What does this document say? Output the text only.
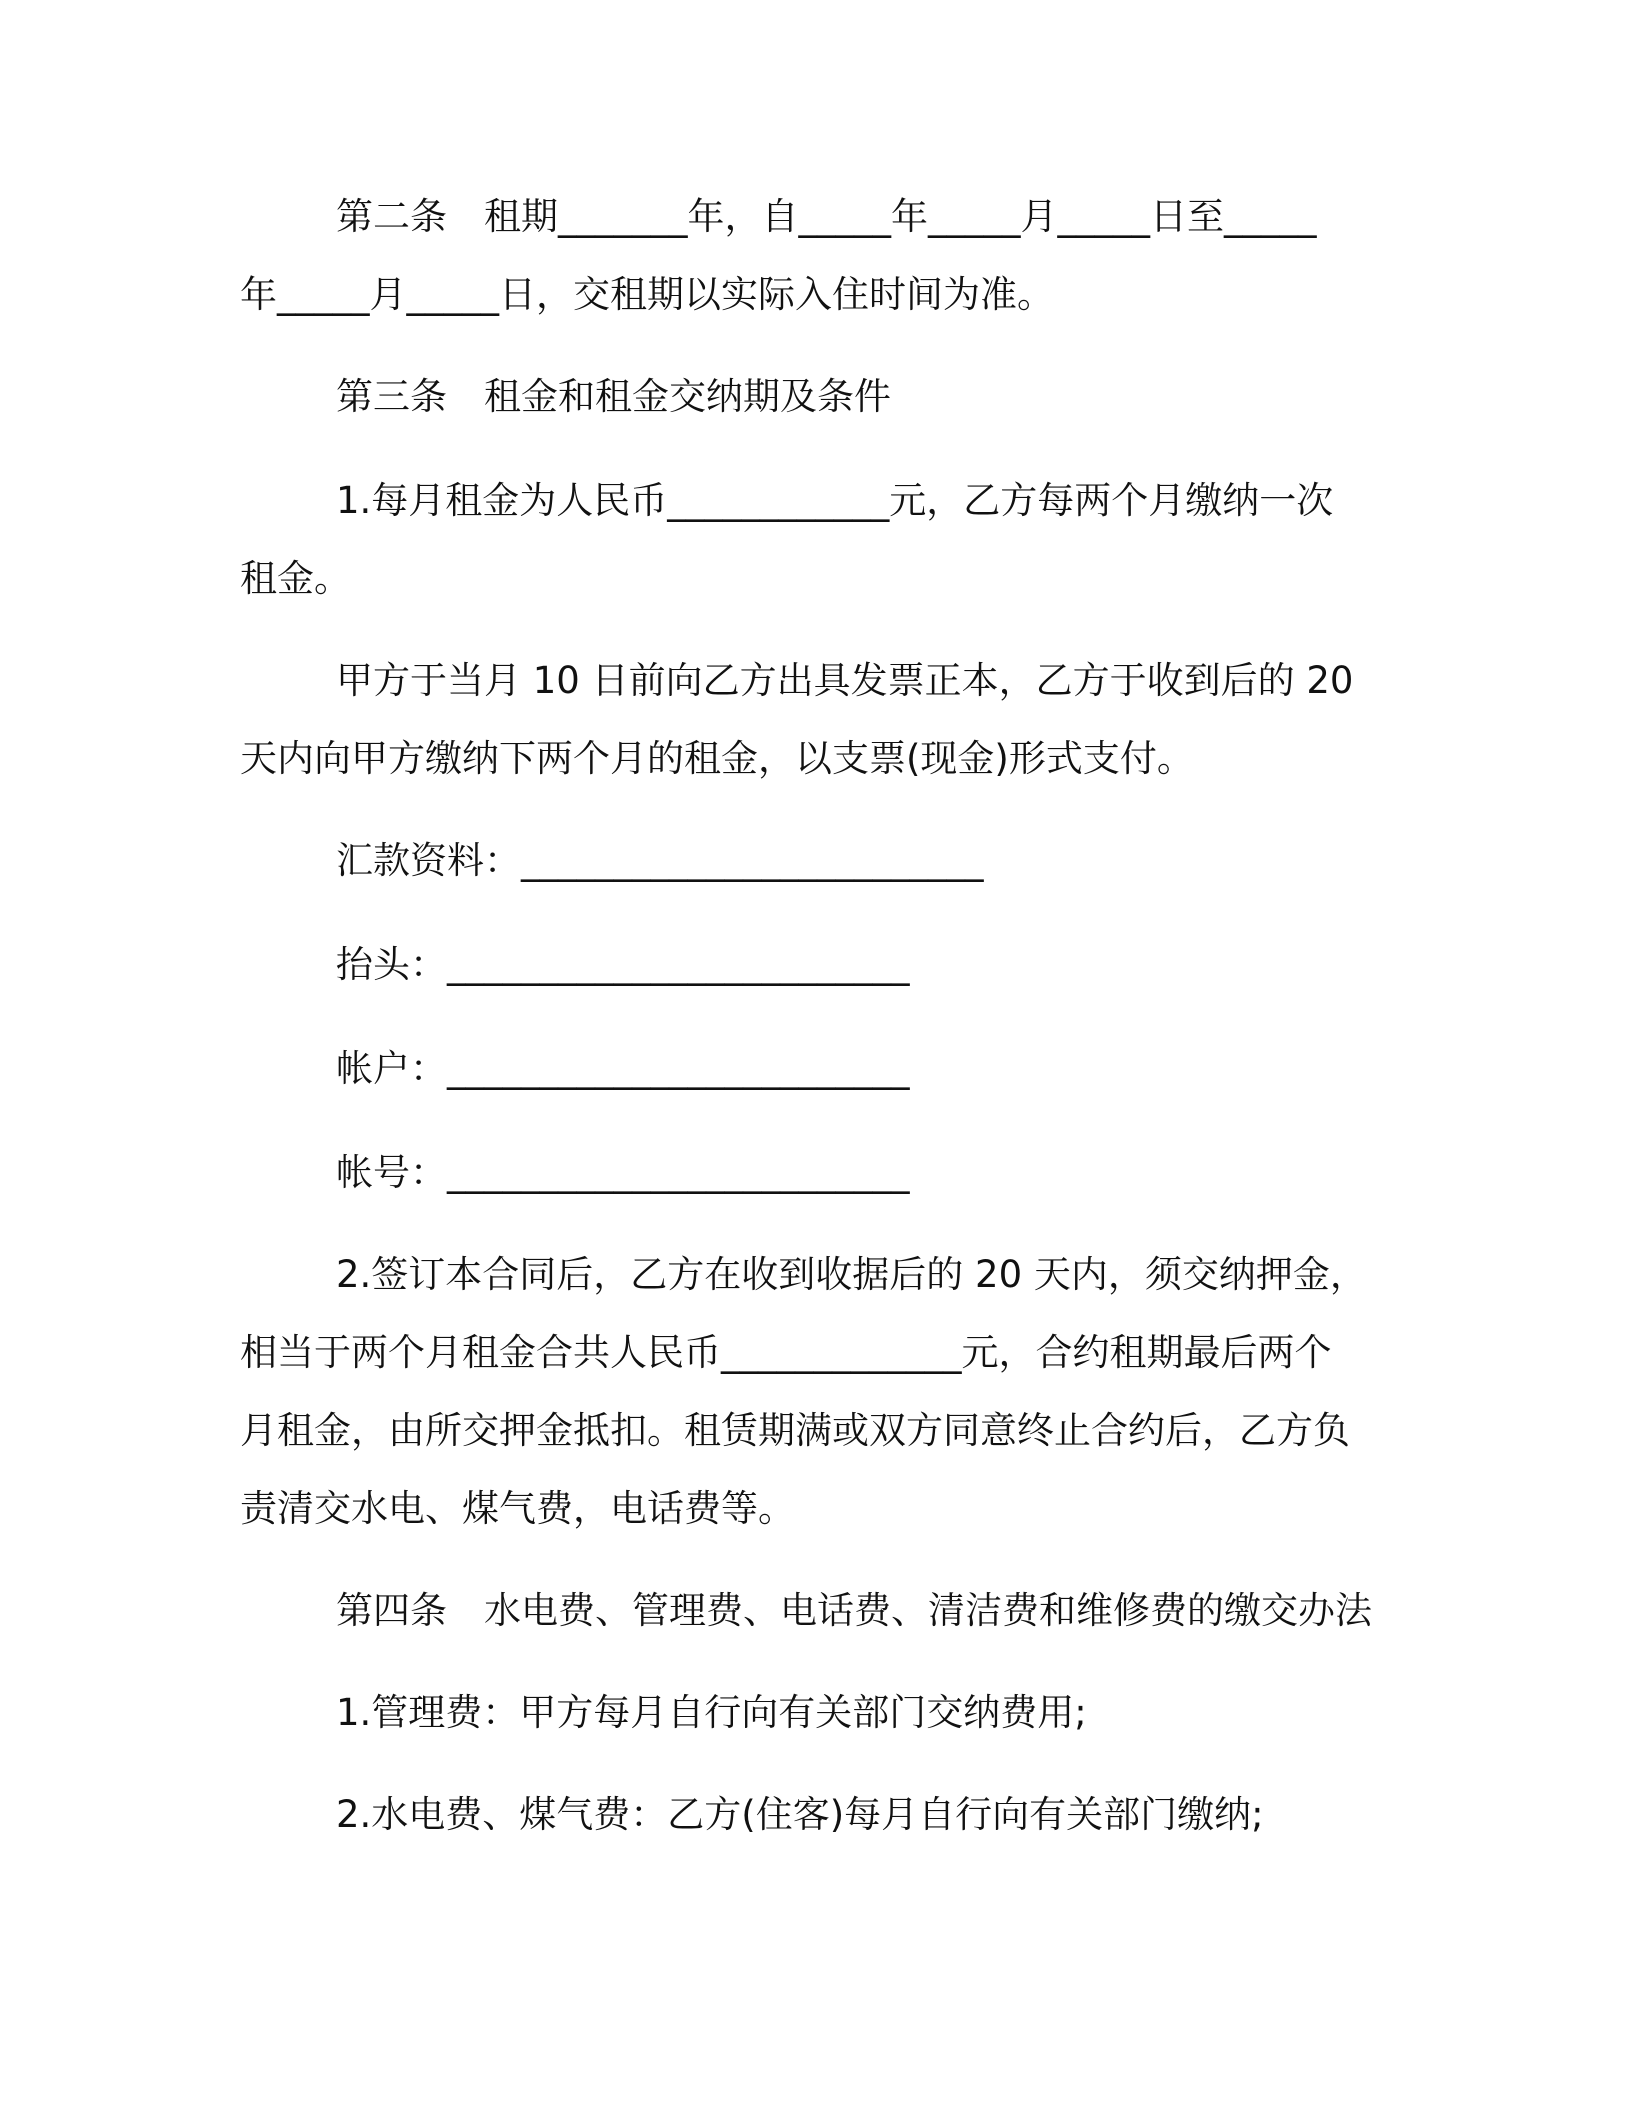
第二条　租期_______年，自_____年_____月_____日至_____
年_____月_____日，交租期以实际入住时间为准。
第三条　租金和租金交纳期及条件
1.每月租金为人民币____________元，乙方每两个月缴纳一次
租金。
甲方于当月 10 日前向乙方出具发票正本，乙方于收到后的 20
天内向甲方缴纳下两个月的租金，以支票(现金)形式支付。
汇款资料：_________________________
抬头：_________________________
帐户：_________________________
帐号：_________________________
2.签订本合同后，乙方在收到收据后的 20 天内，须交纳押金，
相当于两个月租金合共人民币_____________元，合约租期最后两个
月租金，由所交押金抵扣。租赁期满或双方同意终止合约后，乙方负
责清交水电、煤气费，电话费等。
第四条　水电费、管理费、电话费、清洁费和维修费的缴交办法
1.管理费：甲方每月自行向有关部门交纳费用;
2.水电费、煤气费：乙方(住客)每月自行向有关部门缴纳;
